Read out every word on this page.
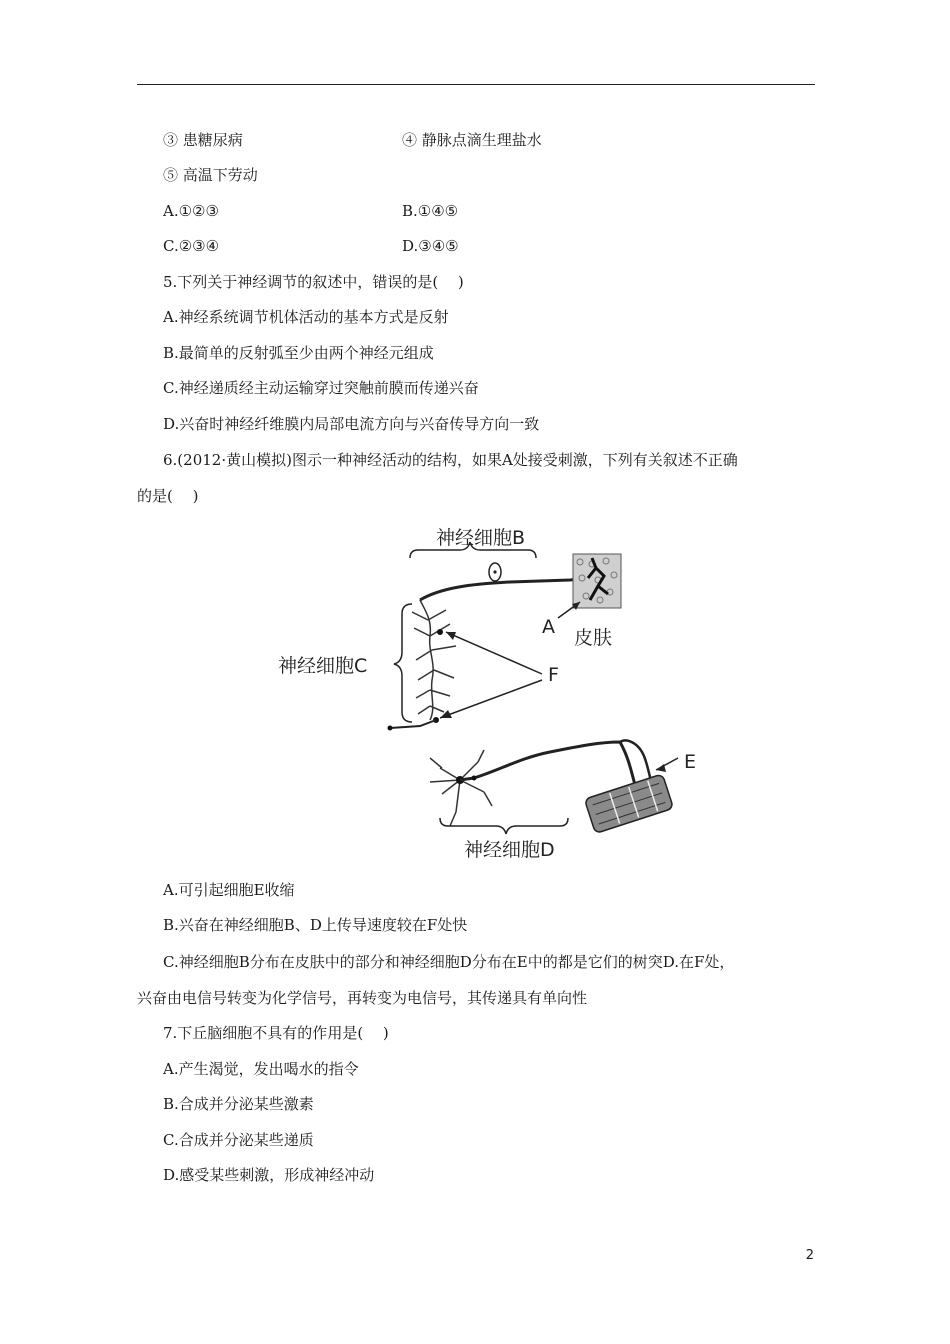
③ 患糖尿病	④ 静脉点滴生理盐水
⑤ 高温下劳动
A.①②③	B.①④⑤
C.②③④	D.③④⑤
5.下列关于神经调节的叙述中，错误的是(　 )
A.神经系统调节机体活动的基本方式是反射
B.最简单的反射弧至少由两个神经元组成
C.神经递质经主动运输穿过突触前膜而传递兴奋
D.兴奋时神经纤维膜内局部电流方向与兴奋传导方向一致
6.(2012·黄山模拟)图示一种神经活动的结构，如果A处接受刺激，下列有关叙述不正确
的是(　 )
神经细胞B
A 皮肤
神经细胞C	F
E
神经细胞D
A.可引起细胞E收缩
B.兴奋在神经细胞B、D上传导速度较在F处快
C.神经细胞B分布在皮肤中的部分和神经细胞D分布在E中的都是它们的树突D.在F处，
兴奋由电信号转变为化学信号，再转变为电信号，其传递具有单向性
7.下丘脑细胞不具有的作用是(　 )
A.产生渴觉，发出喝水的指令
B.合成并分泌某些激素
C.合成并分泌某些递质
D.感受某些刺激，形成神经冲动
2
